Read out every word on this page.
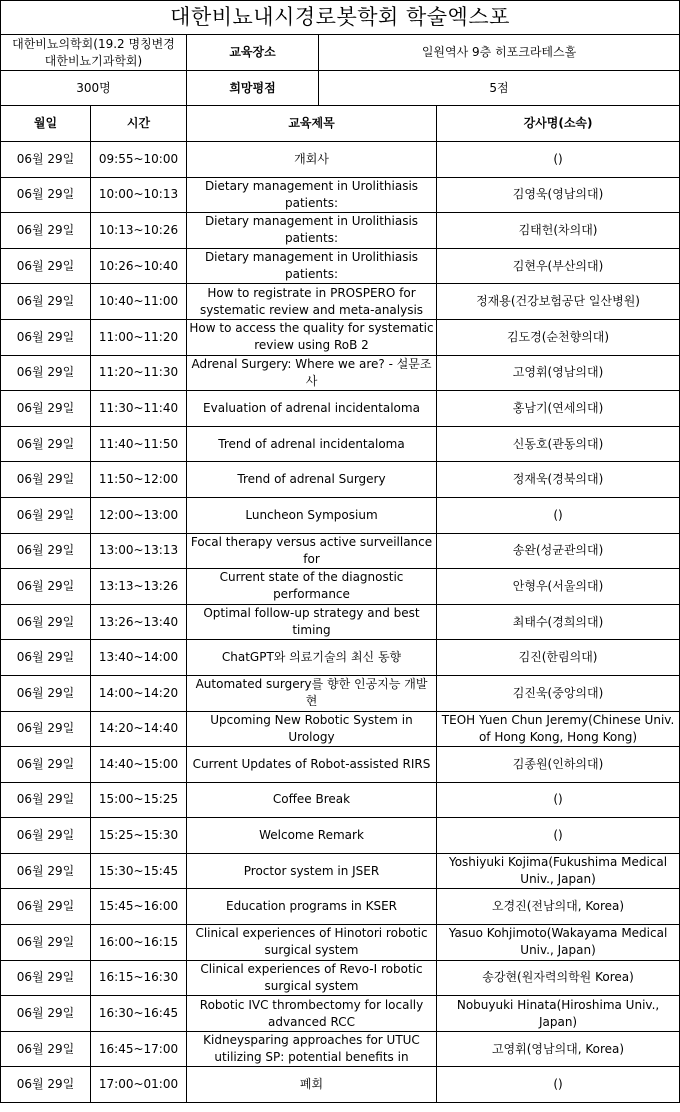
대한비뇨내시경로봇학회 학술엑스포				

대한비뇨의학회(19.2 명칭변경
대한비뇨기과학회)		교육장소	일원역사 9층 히포크라테스홀	
300명		희망평점	5점	
월일	시간	교육제목		강사명(소속)

06월 29일	09:55~10:00	개회사		()

06월 29일	10:00~10:13	Dietary management in Urolithiasis patients:		김영욱(영남의대)

06월 29일	10:13~10:26	Dietary management in Urolithiasis patients:		김태헌(차의대)

06월 29일	10:26~10:40	Dietary management in Urolithiasis patients:		김현우(부산의대)

06월 29일	10:40~11:00	How to registrate in PROSPERO for
systematic review and meta-analysis		정재용(건강보험공단 일산병원)

06월 29일	11:00~11:20	How to access the quality for systematic
review using RoB 2		김도경(순천향의대)

06월 29일	11:20~11:30	Adrenal Surgery: Where we are? - 설문조사		고영휘(영남의대)

06월 29일	11:30~11:40	Evaluation of adrenal incidentaloma		홍남기(연세의대)

06월 29일	11:40~11:50	Trend of adrenal incidentaloma		신동호(관동의대)

06월 29일	11:50~12:00	Trend of adrenal Surgery		정재욱(경북의대)

06월 29일	12:00~13:00	Luncheon Symposium		()

06월 29일	13:00~13:13	Focal therapy versus active surveillance for		송완(성균관의대)

06월 29일	13:13~13:26	Current state of the diagnostic performance		안형우(서울의대)

06월 29일	13:26~13:40	Optimal follow-up strategy and best timing		최태수(경희의대)

06월 29일	13:40~14:00	ChatGPT와 의료기술의 최신 동향		김진(한림의대)

06월 29일	14:00~14:20	Automated surgery를 향한 인공지능 개발 현		김진욱(중앙의대)

06월 29일	14:20~14:40	Upcoming New Robotic System in Urology		TEOH Yuen Chun Jeremy(Chinese Univ.
of Hong Kong, Hong Kong)

06월 29일	14:40~15:00	Current Updates of Robot-assisted RIRS		김종원(인하의대)

06월 29일	15:00~15:25	Coffee Break		()

06월 29일	15:25~15:30	Welcome Remark		()

06월 29일	15:30~15:45	Proctor system in JSER		Yoshiyuki Kojima(Fukushima Medical
Univ., Japan)

06월 29일	15:45~16:00	Education programs in KSER		오경진(전남의대, Korea)

06월 29일	16:00~16:15	Clinical experiences of Hinotori robotic
surgical system		Yasuo Kohjimoto(Wakayama Medical
Univ., Japan)

06월 29일	16:15~16:30	Clinical experiences of Revo-I robotic
surgical system		송강현(원자력의학원 Korea)

06월 29일	16:30~16:45	Robotic IVC thrombectomy for locally
advanced RCC		Nobuyuki Hinata(Hiroshima Univ.,
Japan)

06월 29일	16:45~17:00	Kidneysparing approaches for UTUC
utilizing SP: potential benefits in		고영휘(영남의대, Korea)

06월 29일	17:00~01:00	폐회		()
